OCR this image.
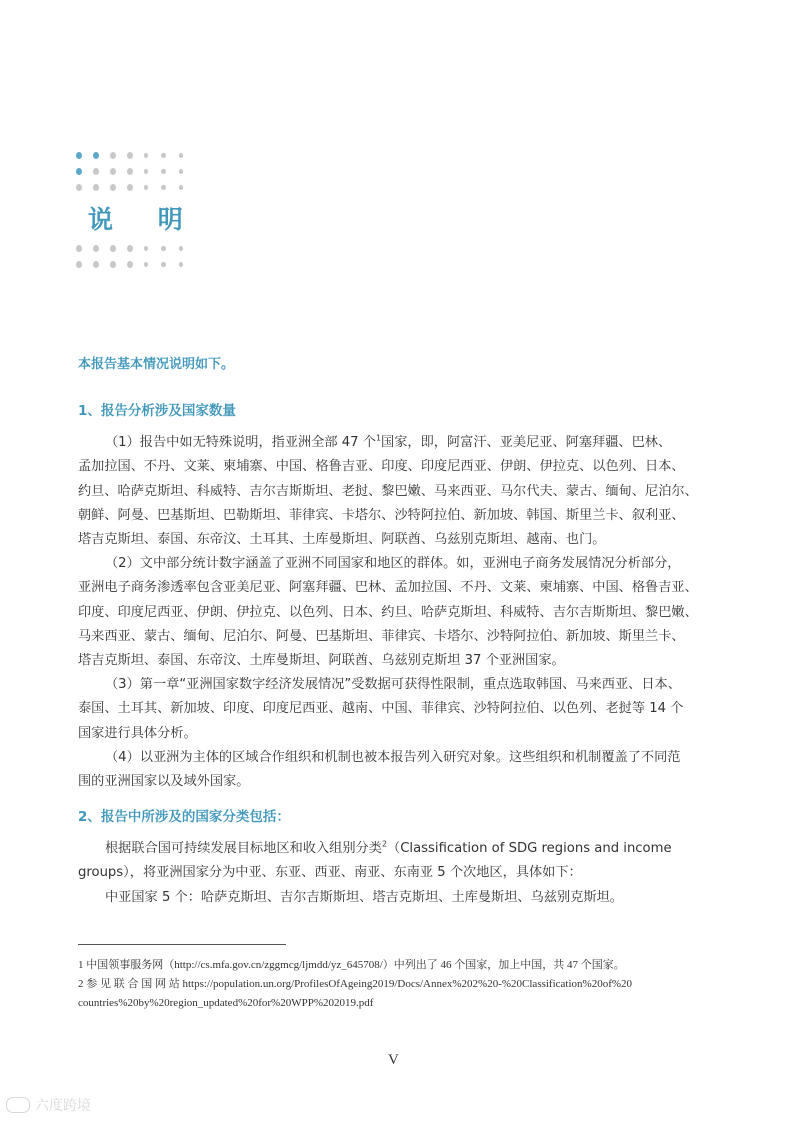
说 明
本报告基本情况说明如下。
1、报告分析涉及国家数量
（1）报告中如无特殊说明，指亚洲全部 47 个$^1$国家，即，阿富汗、亚美尼亚、阿塞拜疆、巴林、
孟加拉国、不丹、文莱、柬埔寨、中国、格鲁吉亚、印度、印度尼西亚、伊朗、伊拉克、以色列、日本、
约旦、哈萨克斯坦、科威特、吉尔吉斯斯坦、老挝、黎巴嫩、马来西亚、马尔代夫、蒙古、缅甸、尼泊尔、
朝鲜、阿曼、巴基斯坦、巴勒斯坦、菲律宾、卡塔尔、沙特阿拉伯、新加坡、韩国、斯里兰卡、叙利亚、
塔吉克斯坦、泰国、东帝汶、土耳其、土库曼斯坦、阿联酋、乌兹别克斯坦、越南、也门。
（2）文中部分统计数字涵盖了亚洲不同国家和地区的群体。如，亚洲电子商务发展情况分析部分，
亚洲电子商务渗透率包含亚美尼亚、阿塞拜疆、巴林、孟加拉国、不丹、文莱、柬埔寨、中国、格鲁吉亚、
印度、印度尼西亚、伊朗、伊拉克、以色列、日本、约旦、哈萨克斯坦、科威特、吉尔吉斯斯坦、黎巴嫩、
马来西亚、蒙古、缅甸、尼泊尔、阿曼、巴基斯坦、菲律宾、卡塔尔、沙特阿拉伯、新加坡、斯里兰卡、
塔吉克斯坦、泰国、东帝汶、土库曼斯坦、阿联酋、乌兹别克斯坦 37 个亚洲国家。
（3）第一章“亚洲国家数字经济发展情况”受数据可获得性限制，重点选取韩国、马来西亚、日本、
泰国、土耳其、新加坡、印度、印度尼西亚、越南、中国、菲律宾、沙特阿拉伯、以色列、老挝等 14 个
国家进行具体分析。
（4）以亚洲为主体的区域合作组织和机制也被本报告列入研究对象。这些组织和机制覆盖了不同范
围的亚洲国家以及域外国家。
2、报告中所涉及的国家分类包括：
根据联合国可持续发展目标地区和收入组别分类$^2$（Classification of SDG regions and income
groups），将亚洲国家分为中亚、东亚、西亚、南亚、东南亚 5 个次地区，具体如下：
中亚国家 5 个：哈萨克斯坦、吉尔吉斯斯坦、塔吉克斯坦、土库曼斯坦、乌兹别克斯坦。
1 中国领事服务网（http://cs.mfa.gov.cn/zggmcg/ljmdd/yz_645708/）中列出了 46 个国家，加上中国，共 47 个国家。
2 参 见 联 合 国 网 站 https://population.un.org/ProfilesOfAgeing2019/Docs/Annex%202%20-%20Classification%20of%20
countries%20by%20region_updated%20for%20WPP%202019.pdf
V
六度跨境
